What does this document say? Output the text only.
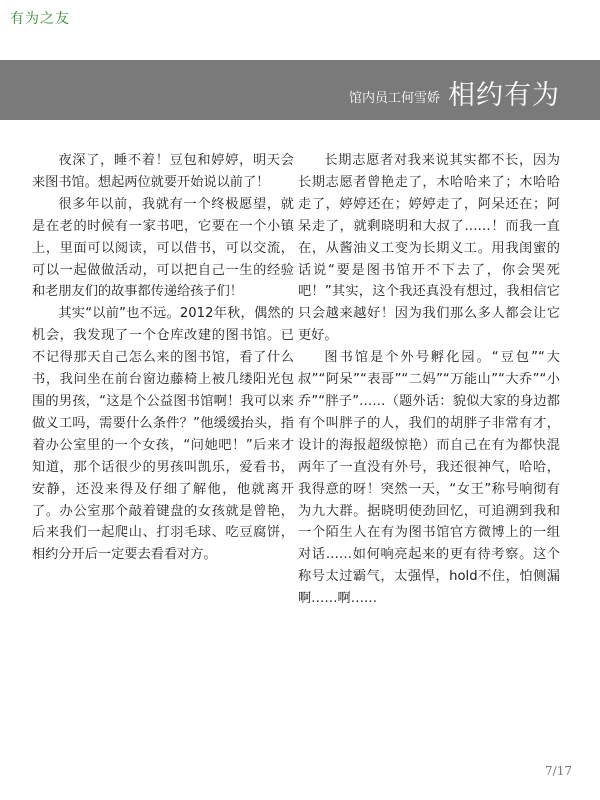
有为之友
馆内员工何雪娇 相约有为

夜深了，睡不着！豆包和婷婷，明天会来图书馆。想起两位就要开始说以前了！

很多年以前，我就有一个终极愿望，就是在老的时候有一家书吧，它要在一个小镇上，里面可以阅读，可以借书，可以交流，可以一起做做活动，可以把自己一生的经验和老朋友们的故事都传递给孩子们！

其实“以前”也不远。2012年秋，偶然的机会，我发现了一个仓库改建的图书馆。已不记得那天自己怎么来的图书馆，看了什么书，我问坐在前台窗边藤椅上被几缕阳光包围的男孩，“这是个公益图书馆啊！我可以来做义工吗，需要什么条件？”他缓缓抬头，指着办公室里的一个女孩，“问她吧！”后来才知道，那个话很少的男孩叫凯乐，爱看书，安静，还没来得及仔细了解他，他就离开了。办公室那个敲着键盘的女孩就是曾艳，后来我们一起爬山、打羽毛球、吃豆腐饼，相约分开后一定要去看看对方。

长期志愿者对我来说其实都不长，因为长期志愿者曾艳走了，木哈哈来了；木哈哈走了，婷婷还在；婷婷走了，阿呆还在；阿呆走了，就剩晓明和大叔了……！而我一直在，从酱油义工变为长期义工。用我闺蜜的话说“要是图书馆开不下去了，你会哭死吧！”其实，这个我还真没有想过，我相信它只会越来越好！因为我们那么多人都会让它更好。

图书馆是个外号孵化园。“豆包”“大叔”“阿呆”“表哥”“二妈”“万能山”“大乔”“小乔”“胖子”……（题外话：貌似大家的身边都有个叫胖子的人，我们的胡胖子非常有才，设计的海报超级惊艳）而自己在有为都快混两年了一直没有外号，我还很神气，哈哈，我得意的呀！突然一天，“女王”称号响彻有为九大群。据晓明使劲回忆，可追溯到我和一个陌生人在有为图书馆官方微博上的一组对话……如何响亮起来的更有待考察。这个称号太过霸气，太强悍，hold不住，怕侧漏啊……啊……

7/17
